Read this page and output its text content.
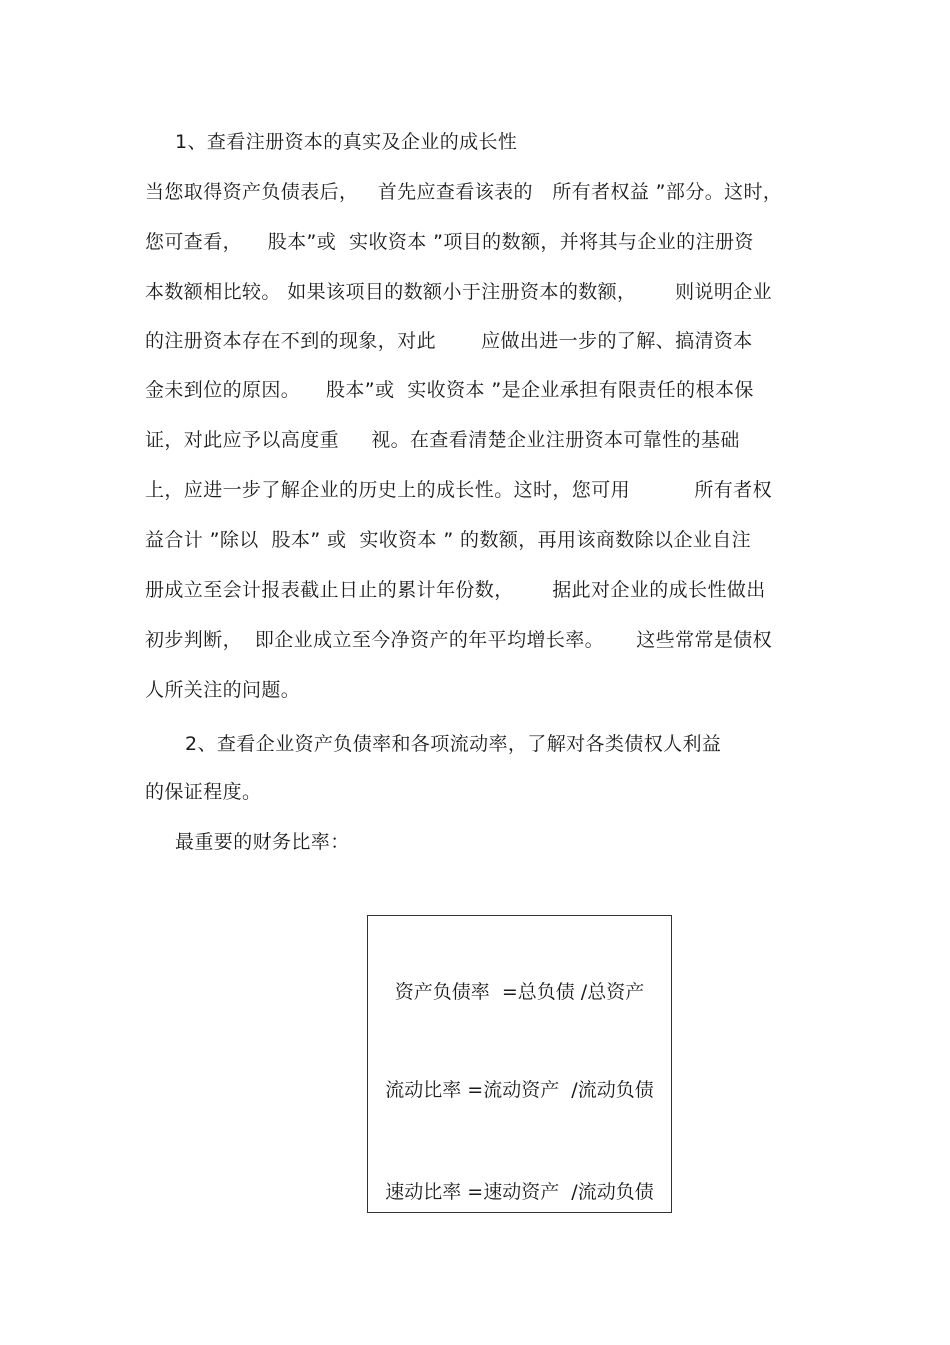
1、查看注册资本的真实及企业的成长性
当您取得资产负债表后，   首先应查看该表的   所有者权益 ”部分。这时，
您可查看，    股本”或  实收资本 ”项目的数额，并将其与企业的注册资
本数额相比较。 如果该项目的数额小于注册资本的数额，      则说明企业
的注册资本存在不到的现象，对此       应做出进一步的了解、搞清资本
金未到位的原因。    股本”或  实收资本 ”是企业承担有限责任的根本保
证，对此应予以高度重     视。在查看清楚企业注册资本可靠性的基础
上，应进一步了解企业的历史上的成长性。这时，您可用          所有者权
益合计 ”除以  股本” 或  实收资本 ” 的数额，再用该商数除以企业自注
册成立至会计报表截止日止的累计年份数，      据此对企业的成长性做出
初步判断，  即企业成立至今净资产的年平均增长率。     这些常常是债权
人所关注的问题。
2、查看企业资产负债率和各项流动率，了解对各类债权人利益
的保证程度。
最重要的财务比率：
资产负债率  =总负债 /总资产
流动比率 =流动资产  /流动负债
速动比率 =速动资产  /流动负债
